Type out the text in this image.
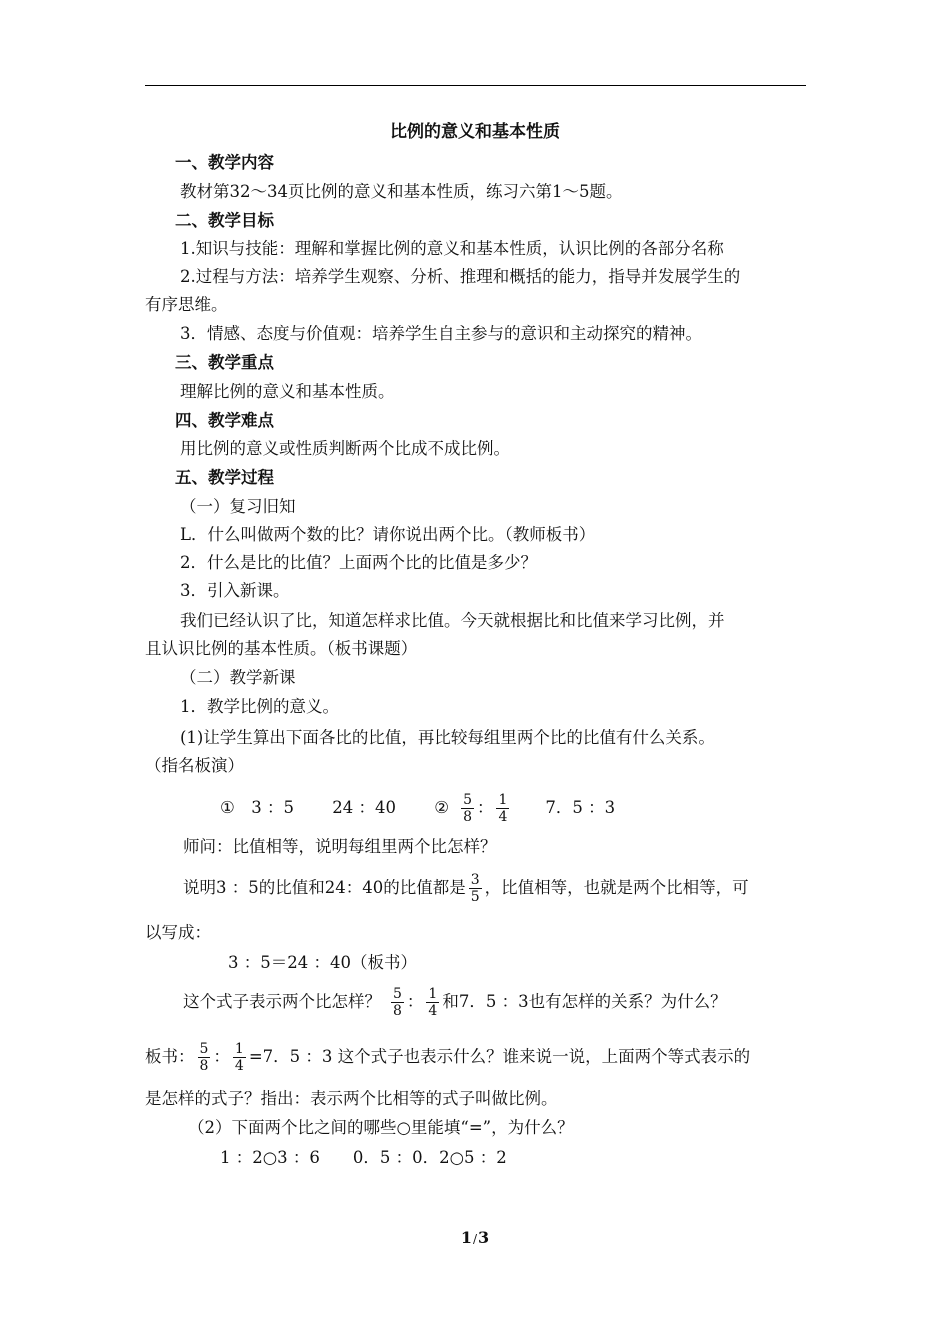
比例的意义和基本性质
一、教学内容
教材第32～34页比例的意义和基本性质，练习六第1～5题。
二、教学目标
1.知识与技能：理解和掌握比例的意义和基本性质，认识比例的各部分名称
2.过程与方法：培养学生观察、分析、推理和概括的能力，指导并发展学生的
有序思维。
3．情感、态度与价值观：培养学生自主参与的意识和主动探究的精神。
三、教学重点
理解比例的意义和基本性质。
四、教学难点
用比例的意义或性质判断两个比成不成比例。
五、教学过程
（一）复习旧知
L．什么叫做两个数的比？请你说出两个比。（教师板书）
2．什么是比的比值？上面两个比的比值是多少？
3．引入新课。
我们已经认识了比，知道怎样求比值。今天就根据比和比值来学习比例，并
且认识比例的基本性质。（板书课题）
（二）教学新课
1．教学比例的意义。
(1)让学生算出下面各比的比值，再比较每组里两个比的比值有什么关系。
（指名板演）
①　3 ：5　　 24 ：40　　 ② $\frac{5}{8}$ ： $\frac{1}{4}$ 　　7．5 ：3
师问：比值相等，说明每组里两个比怎样？
说明3 ：5的比值和24：40的比值都是 $\frac{3}{5}$ ，比值相等，也就是两个比相等，可
以写成：
3 ：5＝24 ：40（板书）
这个式子表示两个比怎样？ $\frac{5}{8}$ ： $\frac{1}{4}$ 和7．5 ：3也有怎样的关系？为什么？
板书： $\frac{5}{8}$ ： $\frac{1}{4} =7$．5 ：3 这个式子也表示什么？谁来说一说，上面两个等式表示的
是怎样的式子？指出：表示两个比相等的式子叫做比例。
（2）下面两个比之间的哪些○里能填“=”，为什么？
1 ：2○3 ：6　　0．5 ：0．2○5 ：2
1/3
